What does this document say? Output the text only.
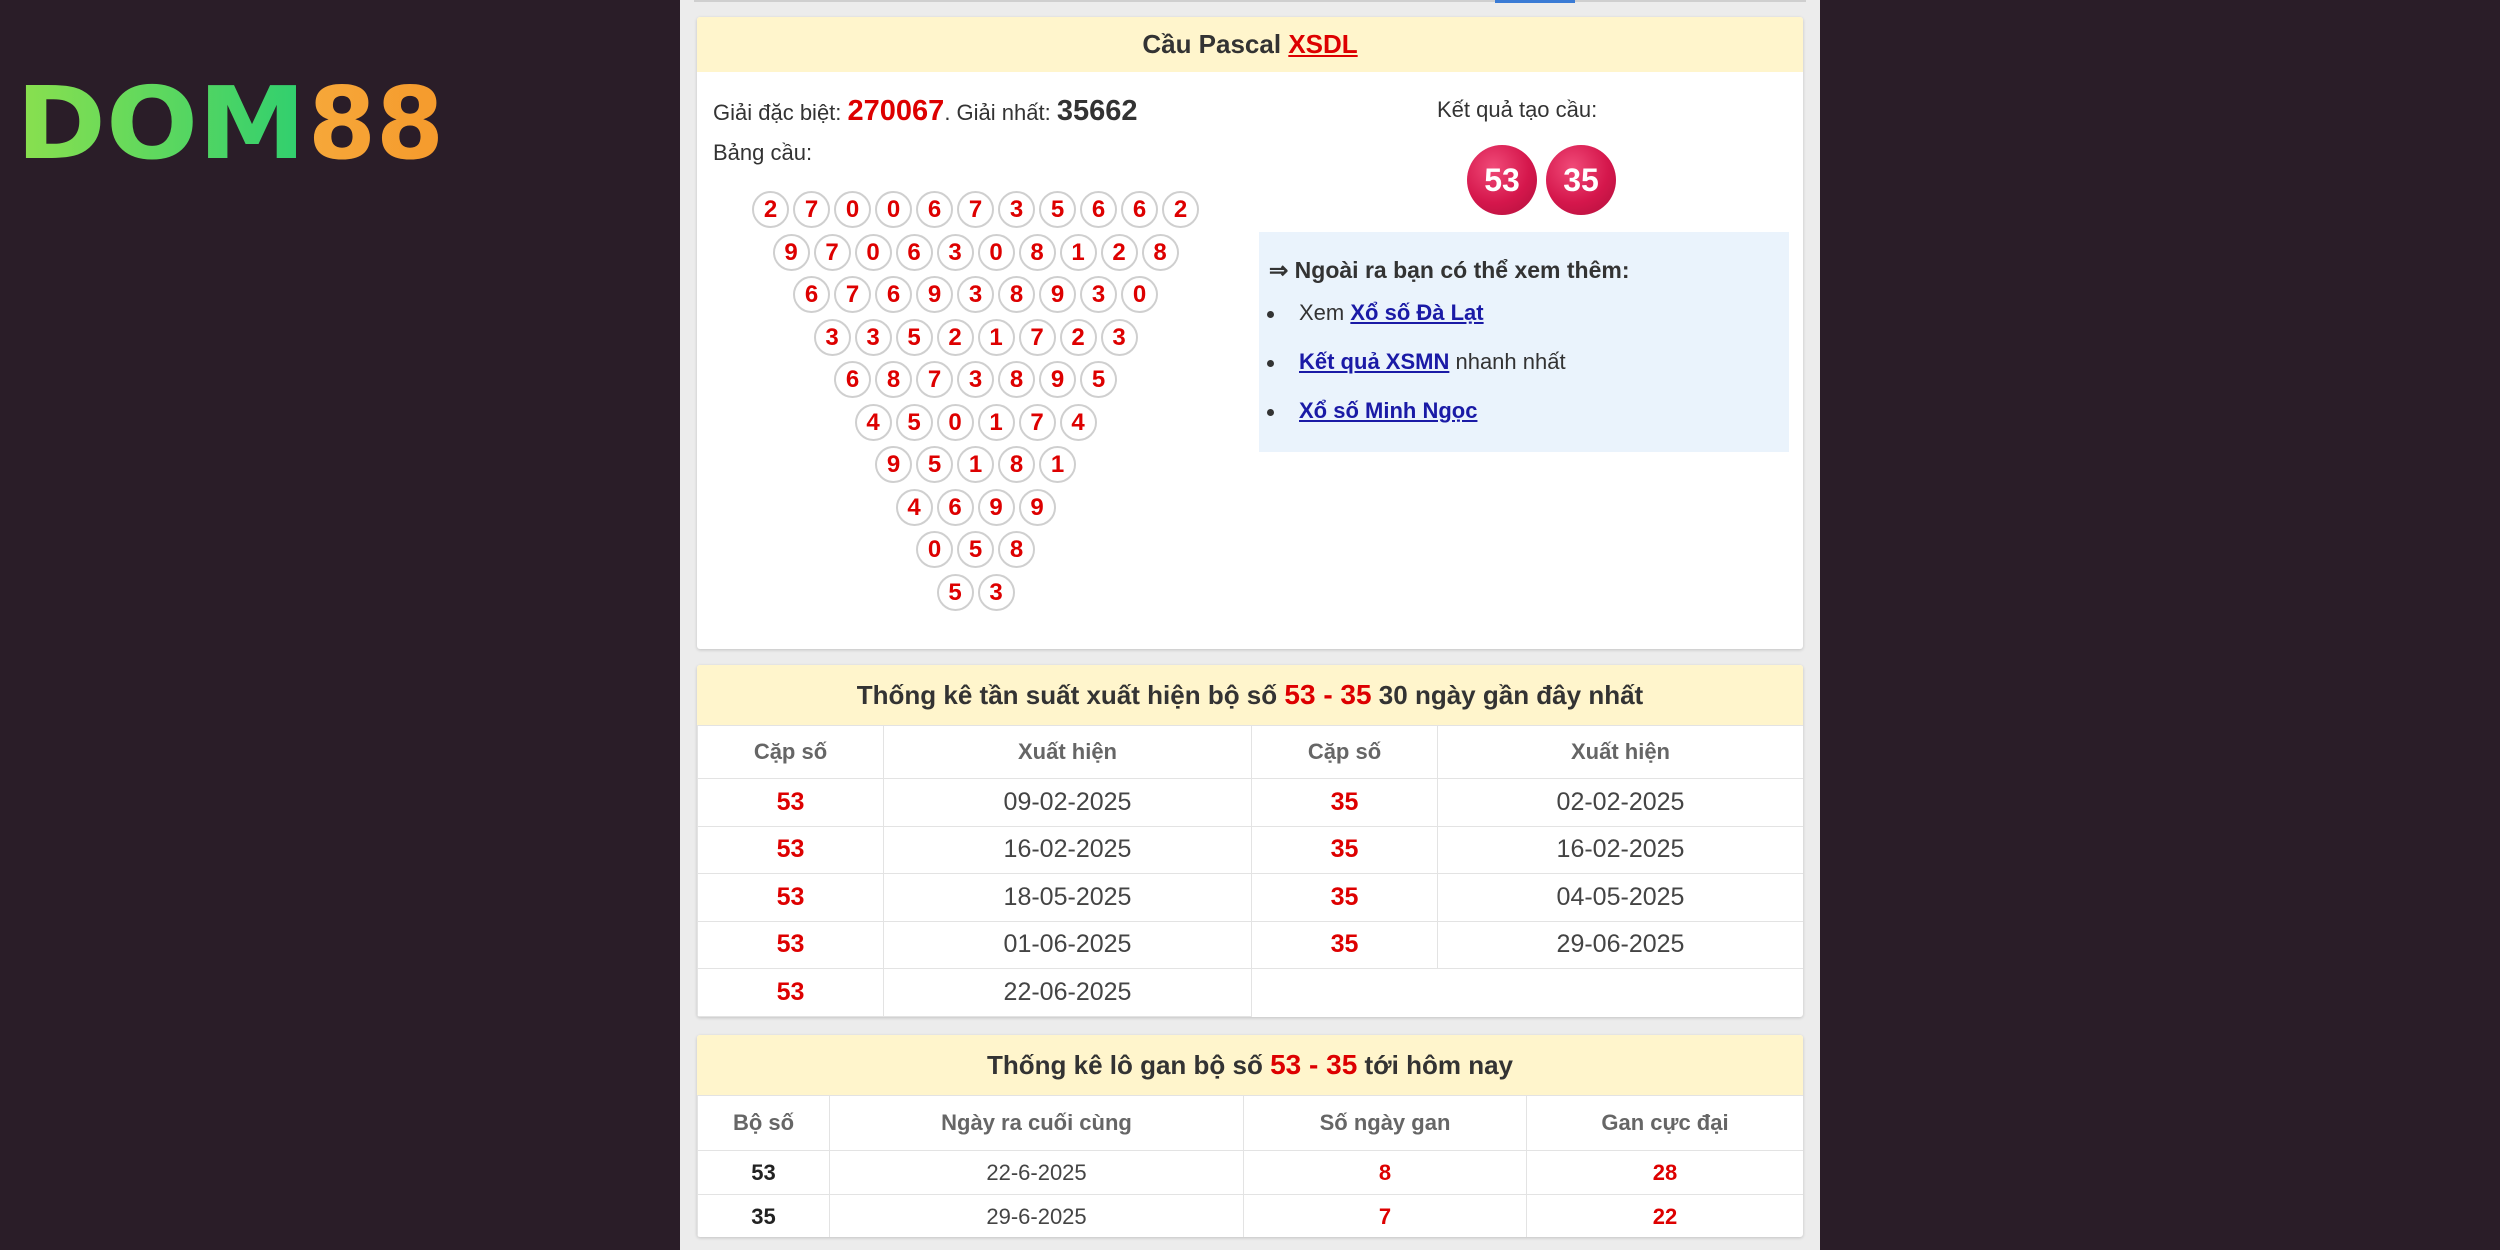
DOM 88
Cầu Pascal XSDL
Giải đặc biệt: 270067. Giải nhất: 35662
Bảng cầu:
2	7	0	0	6	7	3	5	6	6	2
9	7	0	6	3	0	8	1	2	8
6	7	6	9	3	8	9	3	0
3	3	5	2	1	7	2	3
6	8	7	3	8	9	5
4	5	0	1	7	4
9	5	1	8	1
4	6	9	9
0	5	8
5	3
Kết quả tạo cầu:
53	35
⇒ Ngoài ra bạn có thể xem thêm:
Xem Xổ số Đà Lạt
Kết quả XSMN nhanh nhất
Xổ số Minh Ngọc
Thống kê tần suất xuất hiện bộ số 53 - 35 30 ngày gần đây nhất
Cặp số	Xuất hiện	Cặp số	Xuất hiện
53	09-02-2025	35	02-02-2025
53	16-02-2025	35	16-02-2025
53	18-05-2025	35	04-05-2025
53	01-06-2025	35	29-06-2025
53	22-06-2025		
Thống kê lô gan bộ số 53 - 35 tới hôm nay
Bộ số	Ngày ra cuối cùng	Số ngày gan	Gan cực đại
53	22-6-2025	8	28
35	29-6-2025	7	22
